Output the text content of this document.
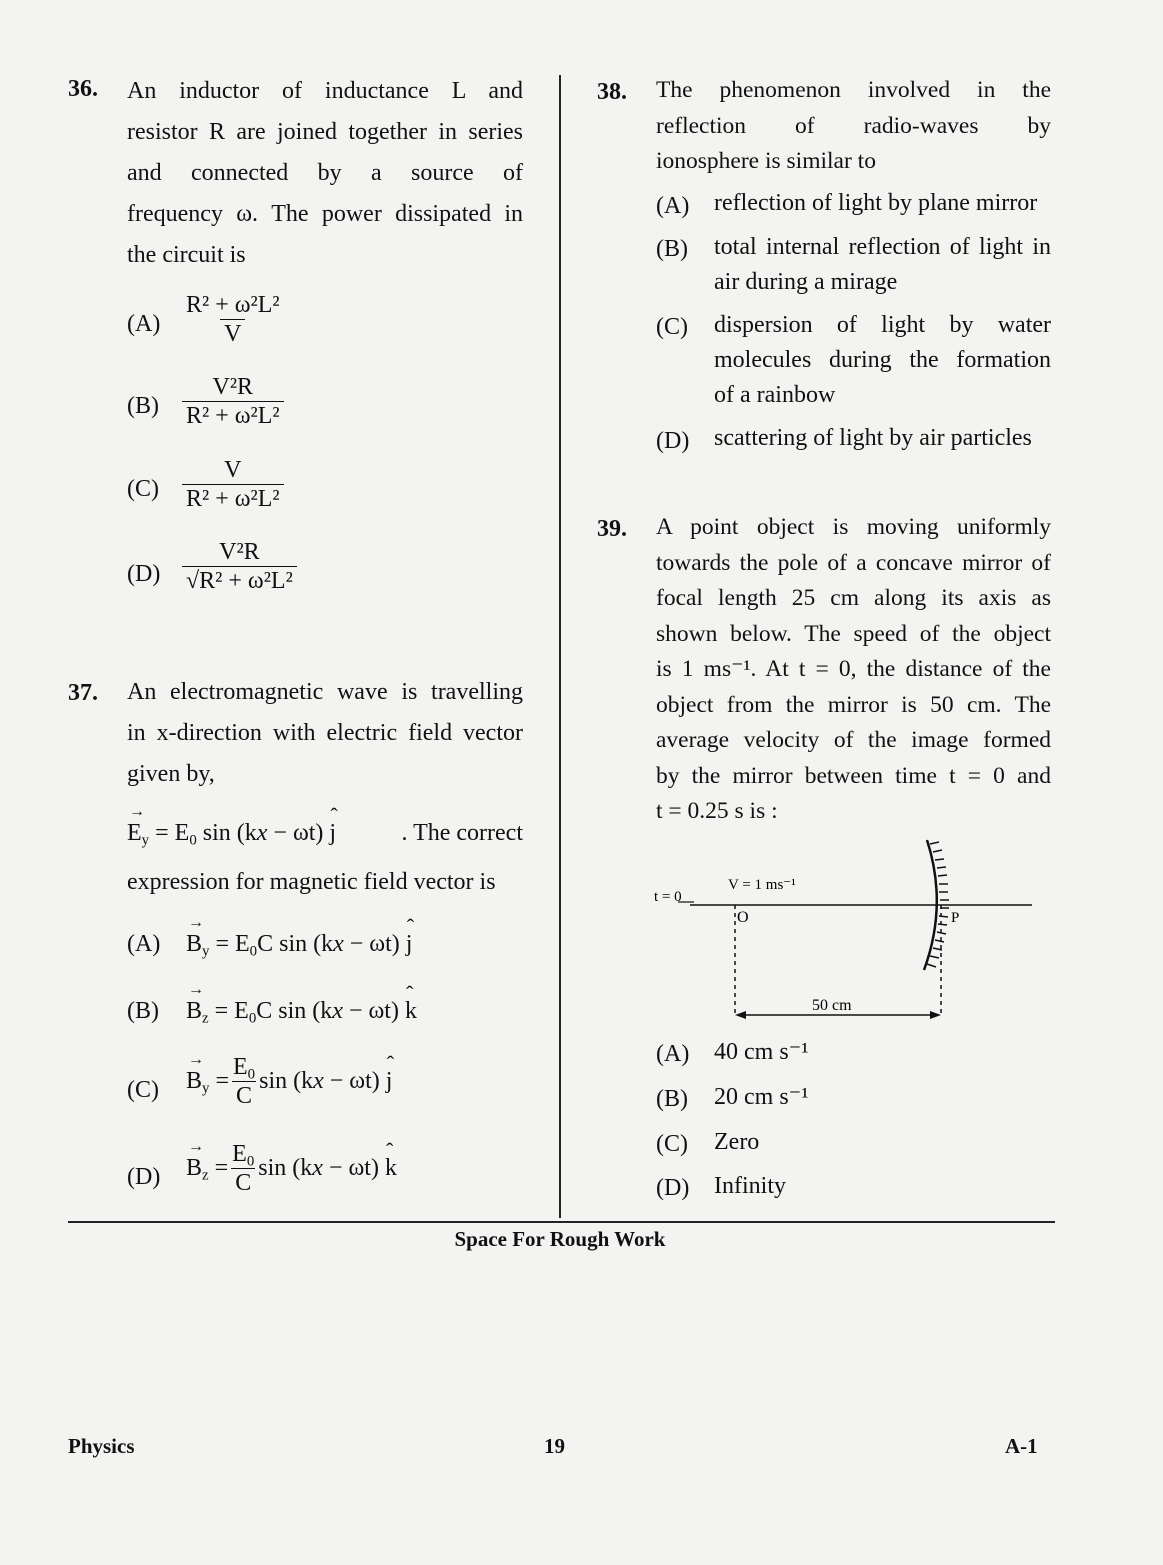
36. An inductor of inductance L and
resistor R are joined together in series
and connected by a source of
frequency ω. The power dissipated in
the circuit is
$(A) \frac{\text{R² + ω²L²}}{V}$
$(B) \frac{\text{V²R}}{\text{R² + ω²L²}}$
$(C) \frac{V}{\text{R² + ω²L²}}$
$(D) \frac{\text{V²R}}{\text{√R² + ω²L²}}$
37. An electromagnetic wave is travelling
in x-direction with electric field vector
given by,
→ $E_y = E_0$ sin (kx − ωt) ˆ j	. The correct
expression for magnetic field vector is
(A)
→ $B_y = E_0C$ sin (kx − ωt) ˆ j
(B)
→ $B_z = E_0C$ sin (kx − ωt) ˆ k
(C)
→ $B_y = \frac{E_0}{C}$ sin (kx − ωt) ˆ j
(D)
→ $B_z = \frac{E_0}{C}$ sin (kx − ωt) ˆ k
38. The phenomenon involved in the
reflection of radio-waves by
ionosphere is similar to
(A) reflection of light by plane mirror
(B) total internal reflection of light in
air during a mirage
(C) dispersion of light by water
molecules during the formation
of a rainbow
(D) scattering of light by air particles
39. A point object is moving uniformly
towards the pole of a concave mirror of
focal length 25 cm along its axis as
shown below. The speed of the object
is 1 ms⁻¹. At t = 0, the distance of the
object from the mirror is 50 cm. The
average velocity of the image formed
by the mirror between time t = 0 and
t = 0.25 s is :
t = 0
V = 1 ms⁻¹
O	P
50 cm
(A) 40 cm s⁻¹
(B) 20 cm s⁻¹
(C) Zero
(D) Infinity
Space For Rough Work
Physics	19	A-1
